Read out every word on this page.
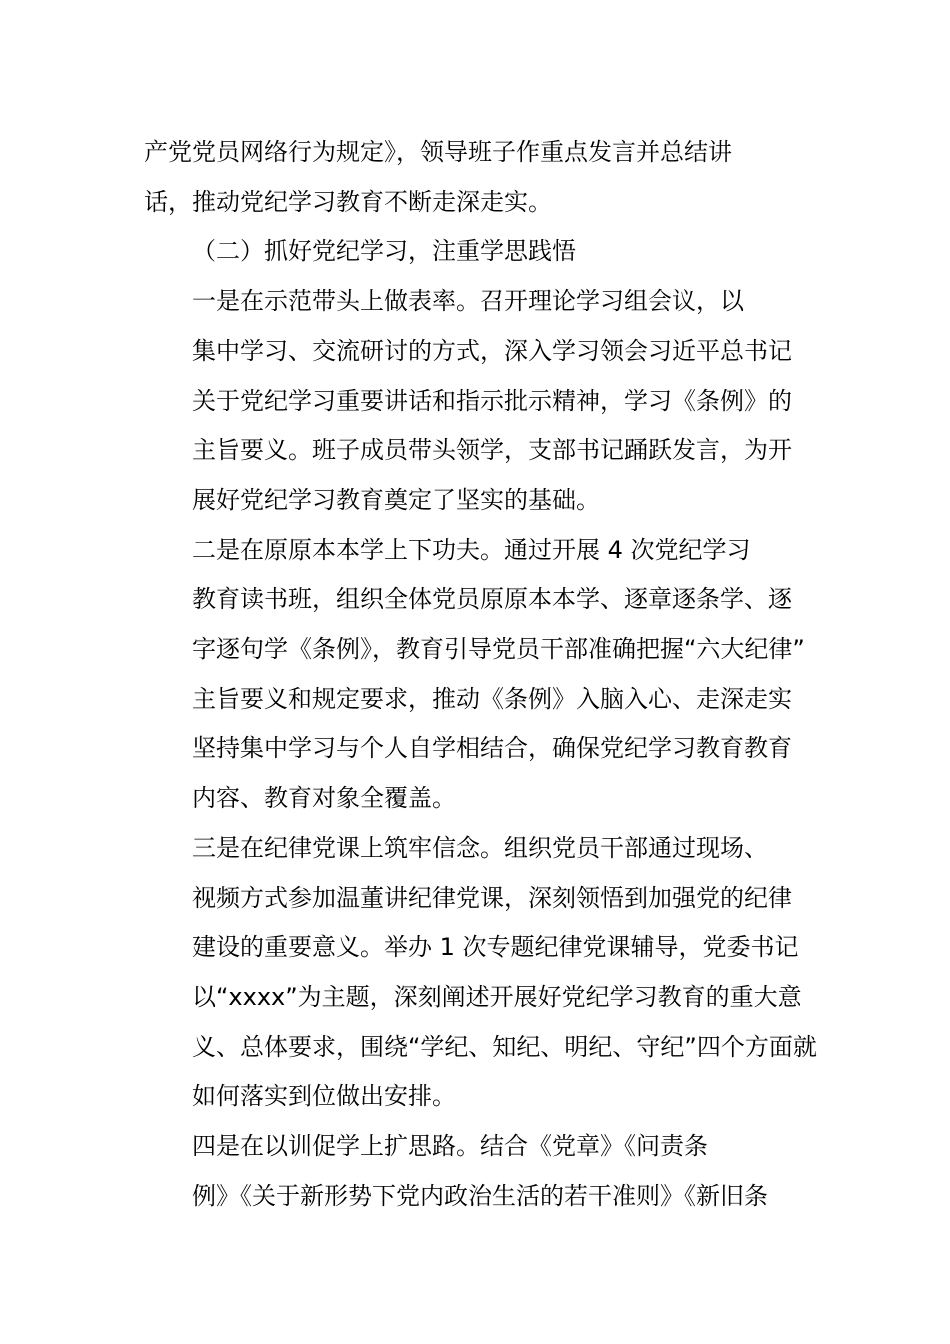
产党党员网络行为规定》，领导班子作重点发言并总结讲
话，推动党纪学习教育不断走深走实。

（二）抓好党纪学习，注重学思践悟

一是在示范带头上做表率。召开理论学习组会议，以
集中学习、交流研讨的方式，深入学习领会习近平总书记
关于党纪学习重要讲话和指示批示精神，学习《条例》的
主旨要义。班子成员带头领学，支部书记踊跃发言，为开
展好党纪学习教育奠定了坚实的基础。

二是在原原本本学上下功夫。通过开展 4 次党纪学习
教育读书班，组织全体党员原原本本学、逐章逐条学、逐
字逐句学《条例》，教育引导党员干部准确把握“六大纪律”
主旨要义和规定要求，推动《条例》入脑入心、走深走实
坚持集中学习与个人自学相结合，确保党纪学习教育教育
内容、教育对象全覆盖。

三是在纪律党课上筑牢信念。组织党员干部通过现场、
视频方式参加温董讲纪律党课，深刻领悟到加强党的纪律
建设的重要意义。举办 1 次专题纪律党课辅导，党委书记
以“xxxx”为主题，深刻阐述开展好党纪学习教育的重大意
义、总体要求，围绕“学纪、知纪、明纪、守纪”四个方面就
如何落实到位做出安排。

四是在以训促学上扩思路。结合《党章》《问责条
例》《关于新形势下党内政治生活的若干准则》《新旧条
